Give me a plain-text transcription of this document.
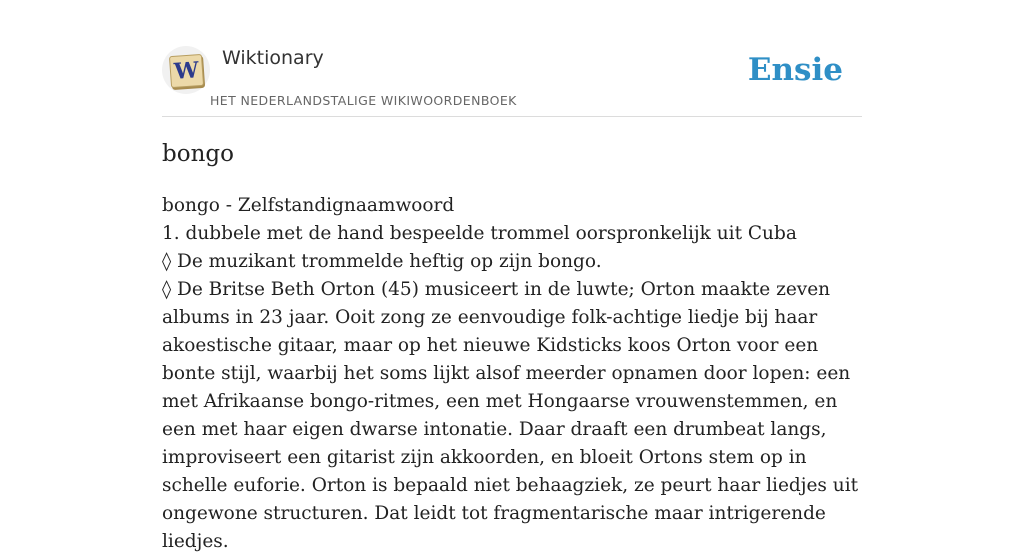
W Wiktionary
HET NEDERLANDSTALIGE WIKIWOORDENBOEK
Ensie
bongo
bongo - Zelfstandignaamwoord
1. dubbele met de hand bespeelde trommel oorspronkelijk uit Cuba
◊ De muzikant trommelde heftig op zijn bongo.
◊ De Britse Beth Orton (45) musiceert in de luwte; Orton maakte zeven albums in 23 jaar. Ooit zong ze eenvoudige folk-achtige liedje bij haar akoestische gitaar, maar op het nieuwe Kidsticks koos Orton voor een bonte stijl, waarbij het soms lijkt alsof meerder opnamen door lopen: een met Afrikaanse bongo-ritmes, een met Hongaarse vrouwenstemmen, en een met haar eigen dwarse intonatie. Daar draaft een drumbeat langs, improviseert een gitarist zijn akkoorden, en bloeit Ortons stem op in schelle euforie. Orton is bepaald niet behaagziek, ze peurt haar liedjes uit ongewone structuren. Dat leidt tot fragmentarische maar intrigerende liedjes.
